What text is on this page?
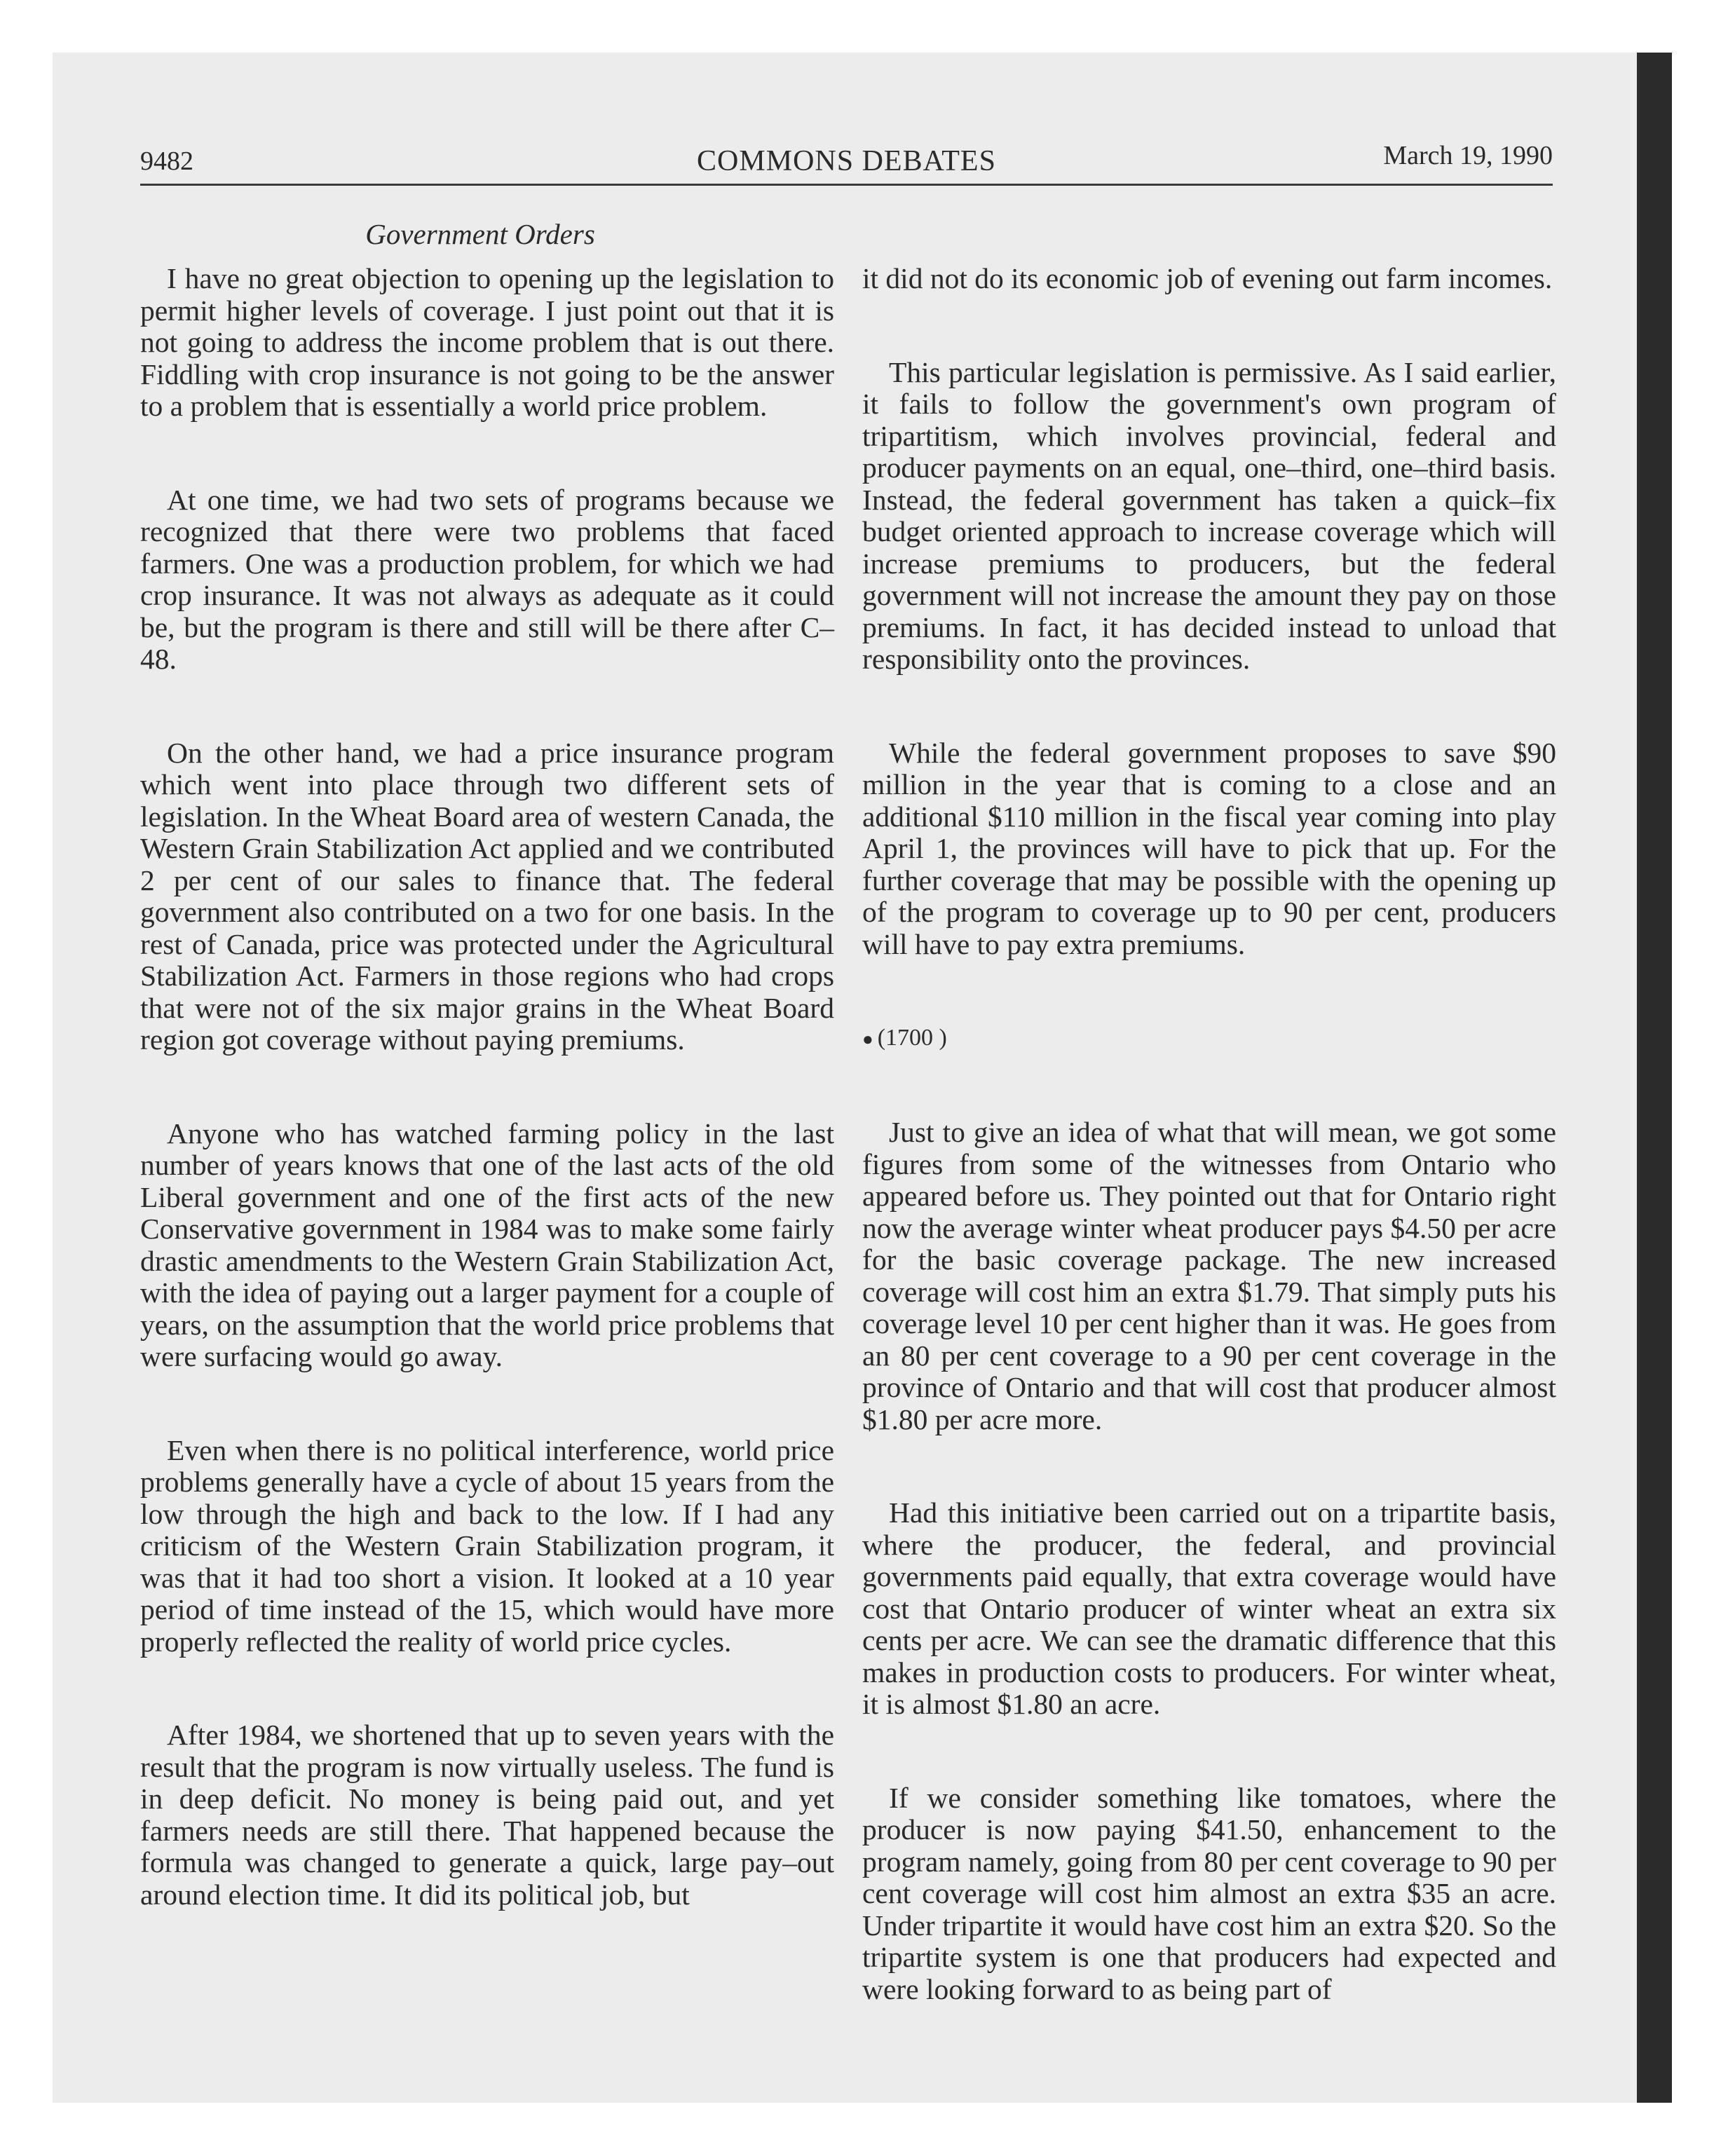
9482	COMMONS DEBATES	March 19, 1990
Government Orders

I have no great objection to opening up the legislation to permit higher levels of coverage. I just point out that it is not going to address the income problem that is out there. Fiddling with crop insurance is not going to be the answer to a problem that is essentially a world price problem.

At one time, we had two sets of programs because we recognized that there were two problems that faced farmers. One was a production problem, for which we had crop insurance. It was not always as adequate as it could be, but the program is there and still will be there after C–48.

On the other hand, we had a price insurance program which went into place through two different sets of legislation. In the Wheat Board area of western Canada, the Western Grain Stabilization Act applied and we contributed 2 per cent of our sales to finance that. The federal government also contributed on a two for one basis. In the rest of Canada, price was protected under the Agricultural Stabilization Act. Farmers in those regions who had crops that were not of the six major grains in the Wheat Board region got coverage without paying premiums.

Anyone who has watched farming policy in the last number of years knows that one of the last acts of the old Liberal government and one of the first acts of the new Conservative government in 1984 was to make some fairly drastic amendments to the Western Grain Stabilization Act, with the idea of paying out a larger payment for a couple of years, on the assumption that the world price problems that were surfacing would go away.

Even when there is no political interference, world price problems generally have a cycle of about 15 years from the low through the high and back to the low. If I had any criticism of the Western Grain Stabilization program, it was that it had too short a vision. It looked at a 10 year period of time instead of the 15, which would have more properly reflected the reality of world price cycles.

After 1984, we shortened that up to seven years with the result that the program is now virtually useless. The fund is in deep deficit. No money is being paid out, and yet farmers needs are still there. That happened because the formula was changed to generate a quick, large pay–out around election time. It did its political job, but

it did not do its economic job of evening out farm incomes.

This particular legislation is permissive. As I said earlier, it fails to follow the government's own program of tripartitism, which involves provincial, federal and producer payments on an equal, one–third, one–third basis. Instead, the federal government has taken a quick–fix budget oriented approach to increase coverage which will increase premiums to producers, but the federal government will not increase the amount they pay on those premiums. In fact, it has decided instead to unload that responsibility onto the provinces.

While the federal government proposes to save $90 million in the year that is coming to a close and an additional $110 million in the fiscal year coming into play April 1, the provinces will have to pick that up. For the further coverage that may be possible with the opening up of the program to coverage up to 90 per cent, producers will have to pay extra premiums.

● (1700 )

Just to give an idea of what that will mean, we got some figures from some of the witnesses from Ontario who appeared before us. They pointed out that for Ontario right now the average winter wheat producer pays $4.50 per acre for the basic coverage package. The new increased coverage will cost him an extra $1.79. That simply puts his coverage level 10 per cent higher than it was. He goes from an 80 per cent coverage to a 90 per cent coverage in the province of Ontario and that will cost that producer almost $1.80 per acre more.

Had this initiative been carried out on a tripartite basis, where the producer, the federal, and provincial governments paid equally, that extra coverage would have cost that Ontario producer of winter wheat an extra six cents per acre. We can see the dramatic difference that this makes in production costs to producers. For winter wheat, it is almost $1.80 an acre.

If we consider something like tomatoes, where the producer is now paying $41.50, enhancement to the program namely, going from 80 per cent coverage to 90 per cent coverage will cost him almost an extra $35 an acre. Under tripartite it would have cost him an extra $20. So the tripartite system is one that producers had expected and were looking forward to as being part of
